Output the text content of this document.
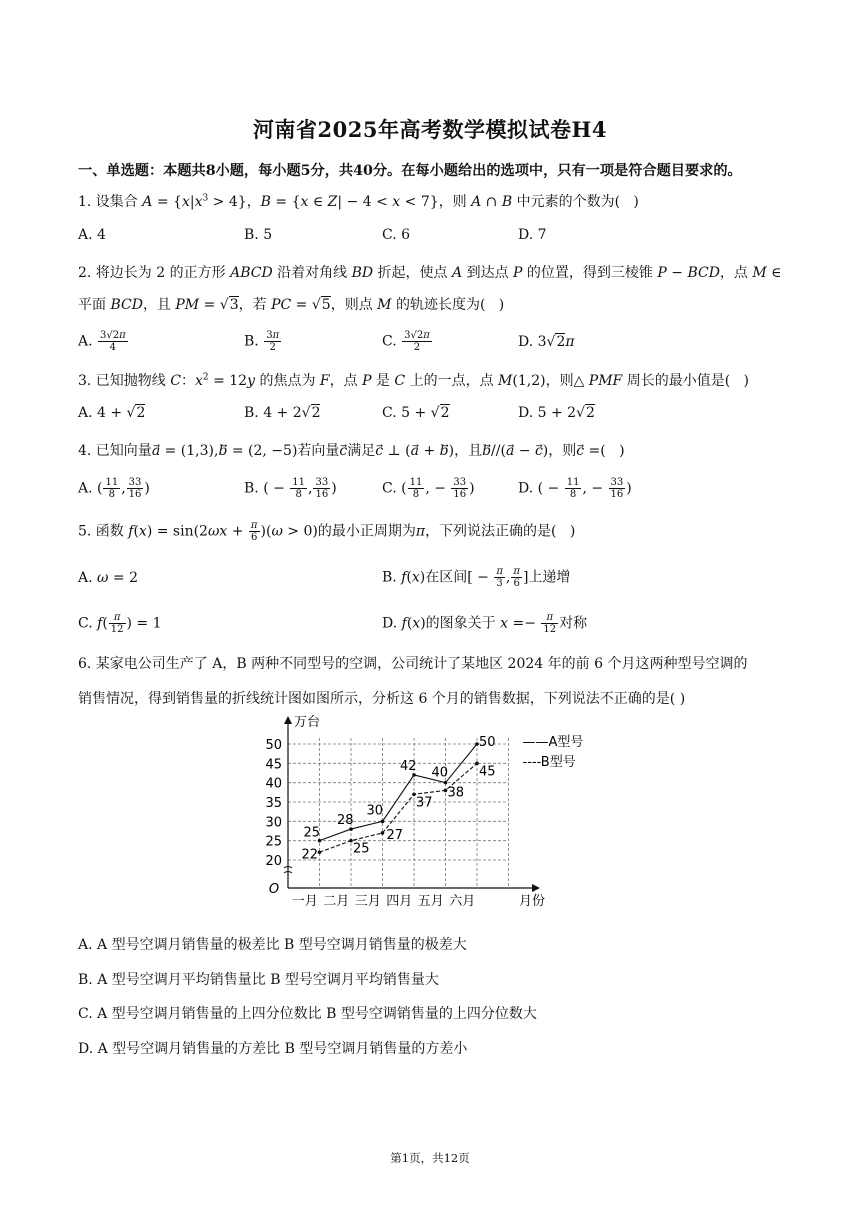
河南省2025年高考数学模拟试卷H4
一、单选题：本题共8小题，每小题5分，共40分。在每小题给出的选项中，只有一项是符合题目要求的。
1. 设集合 $A = \{x|x^3 > 4\}$，B = {x ∈ Z| − 4 < x < 7}，则 A ∩ B 中元素的个数为(   )
A. 4	B. 5	C. 6	D. 7
2. 将边长为 2 的正方形 ABCD 沿着对角线 BD 折起，使点 A 到达点 P 的位置，得到三棱锥 P − BCD，点 M ∈
平面 BCD，且 PM = √3，若 PC = √5，则点 M 的轨迹长度为(   )
A. $\frac{3√2\pi}{4}$	B. $\frac{3\pi}{2}$	C. $\frac{3√2\pi}{2}$	D. 3√2π
3. 已知抛物线 C：$x^2 = 12y$ 的焦点为 F，点 P 是 C 上的一点，点 M(1,2)，则△ PMF 周长的最小值是(   )
A. 4 + √2	B. 4 + 2√2	C. 5 + √2	D. 5 + 2√2
4. 已知向量a⃗ = (1,3),b⃗ = (2, −5)若向量c⃗满足c⃗ ⊥ (a⃗ + b⃗)，且b⃗//(a⃗ − c⃗)，则c⃗ =(   )
A. ( $\frac{11}{8}$ , $\frac{33}{16}$ )	B. ( − $\frac{11}{8}$ , $\frac{33}{16}$ )	C. ( $\frac{11}{8}$ , − $\frac{33}{16}$ )	D. ( − $\frac{11}{8}$ , − $\frac{33}{16}$ )
5. 函数 $f(x) = \sin(2\omega x + \frac{\pi}{6} )(\omega > 0)$的最小正周期为π，下列说法正确的是(   )
A. ω = 2	B. f(x)在区间[ − $\frac{\pi}{3}$ , $\frac{\pi}{6}$ ]上递增
C. $f( \frac{\pi}{12}$ ) = 1	D. f(x)的图象关于 $x =- \frac{\pi}{12}$ 对称
6. 某家电公司生产了 A，B 两种不同型号的空调，公司统计了某地区 2024 年的前 6 个月这两种型号空调的
销售情况，得到销售量的折线统计图如图所示，分析这 6 个月的销售数据，下列说法不正确的是( )
万台
O
月份
20
25
30
35
40
45
50
一月 二月 三月 四月 五月 六月
25
28
30
42 40
50
22	25
27
37
38
45
——A型号
----B型号
A. A 型号空调月销售量的极差比 B 型号空调月销售量的极差大
B. A 型号空调月平均销售量比 B 型号空调月平均销售量大
C. A 型号空调月销售量的上四分位数比 B 型号空调销售量的上四分位数大
D. A 型号空调月销售量的方差比 B 型号空调月销售量的方差小
第1页，共12页
